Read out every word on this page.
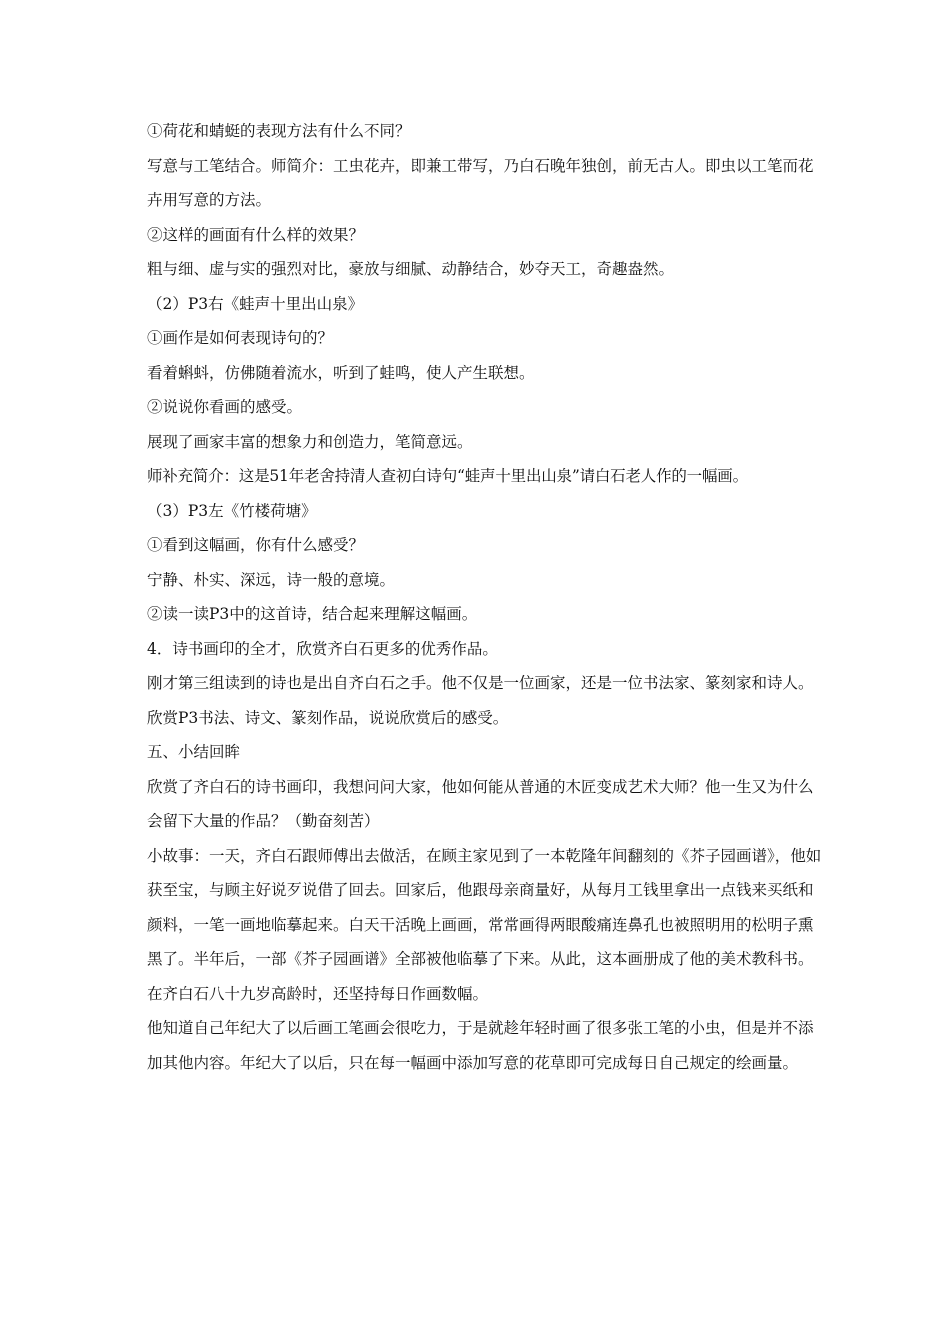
①荷花和蜻蜓的表现方法有什么不同？

写意与工笔结合。师简介：工虫花卉，即兼工带写，乃白石晚年独创，前无古人。即虫以工笔而花卉用写意的方法。

②这样的画面有什么样的效果？

粗与细、虚与实的强烈对比，豪放与细腻、动静结合，妙夺天工，奇趣盎然。

（2）P3右《蛙声十里出山泉》

①画作是如何表现诗句的？

看着蝌蚪，仿佛随着流水，听到了蛙鸣，使人产生联想。

②说说你看画的感受。

展现了画家丰富的想象力和创造力，笔简意远。

师补充简介：这是51年老舍持清人查初白诗句“蛙声十里出山泉”请白石老人作的一幅画。

（3）P3左《竹楼荷塘》

①看到这幅画，你有什么感受？

宁静、朴实、深远，诗一般的意境。

②读一读P3中的这首诗，结合起来理解这幅画。

4．诗书画印的全才，欣赏齐白石更多的优秀作品。

刚才第三组读到的诗也是出自齐白石之手。他不仅是一位画家，还是一位书法家、篆刻家和诗人。

欣赏P3书法、诗文、篆刻作品，说说欣赏后的感受。

五、小结回眸

欣赏了齐白石的诗书画印，我想问问大家，他如何能从普通的木匠变成艺术大师？他一生又为什么会留下大量的作品？（勤奋刻苦）

小故事：一天，齐白石跟师傅出去做活，在顾主家见到了一本乾隆年间翻刻的《芥子园画谱》，他如获至宝，与顾主好说歹说借了回去。回家后，他跟母亲商量好，从每月工钱里拿出一点钱来买纸和颜料，一笔一画地临摹起来。白天干活晚上画画，常常画得两眼酸痛连鼻孔也被照明用的松明子熏黑了。半年后，一部《芥子园画谱》全部被他临摹了下来。从此，这本画册成了他的美术教科书。

在齐白石八十九岁高龄时，还坚持每日作画数幅。

他知道自己年纪大了以后画工笔画会很吃力，于是就趁年轻时画了很多张工笔的小虫，但是并不添加其他内容。年纪大了以后，只在每一幅画中添加写意的花草即可完成每日自己规定的绘画量。
